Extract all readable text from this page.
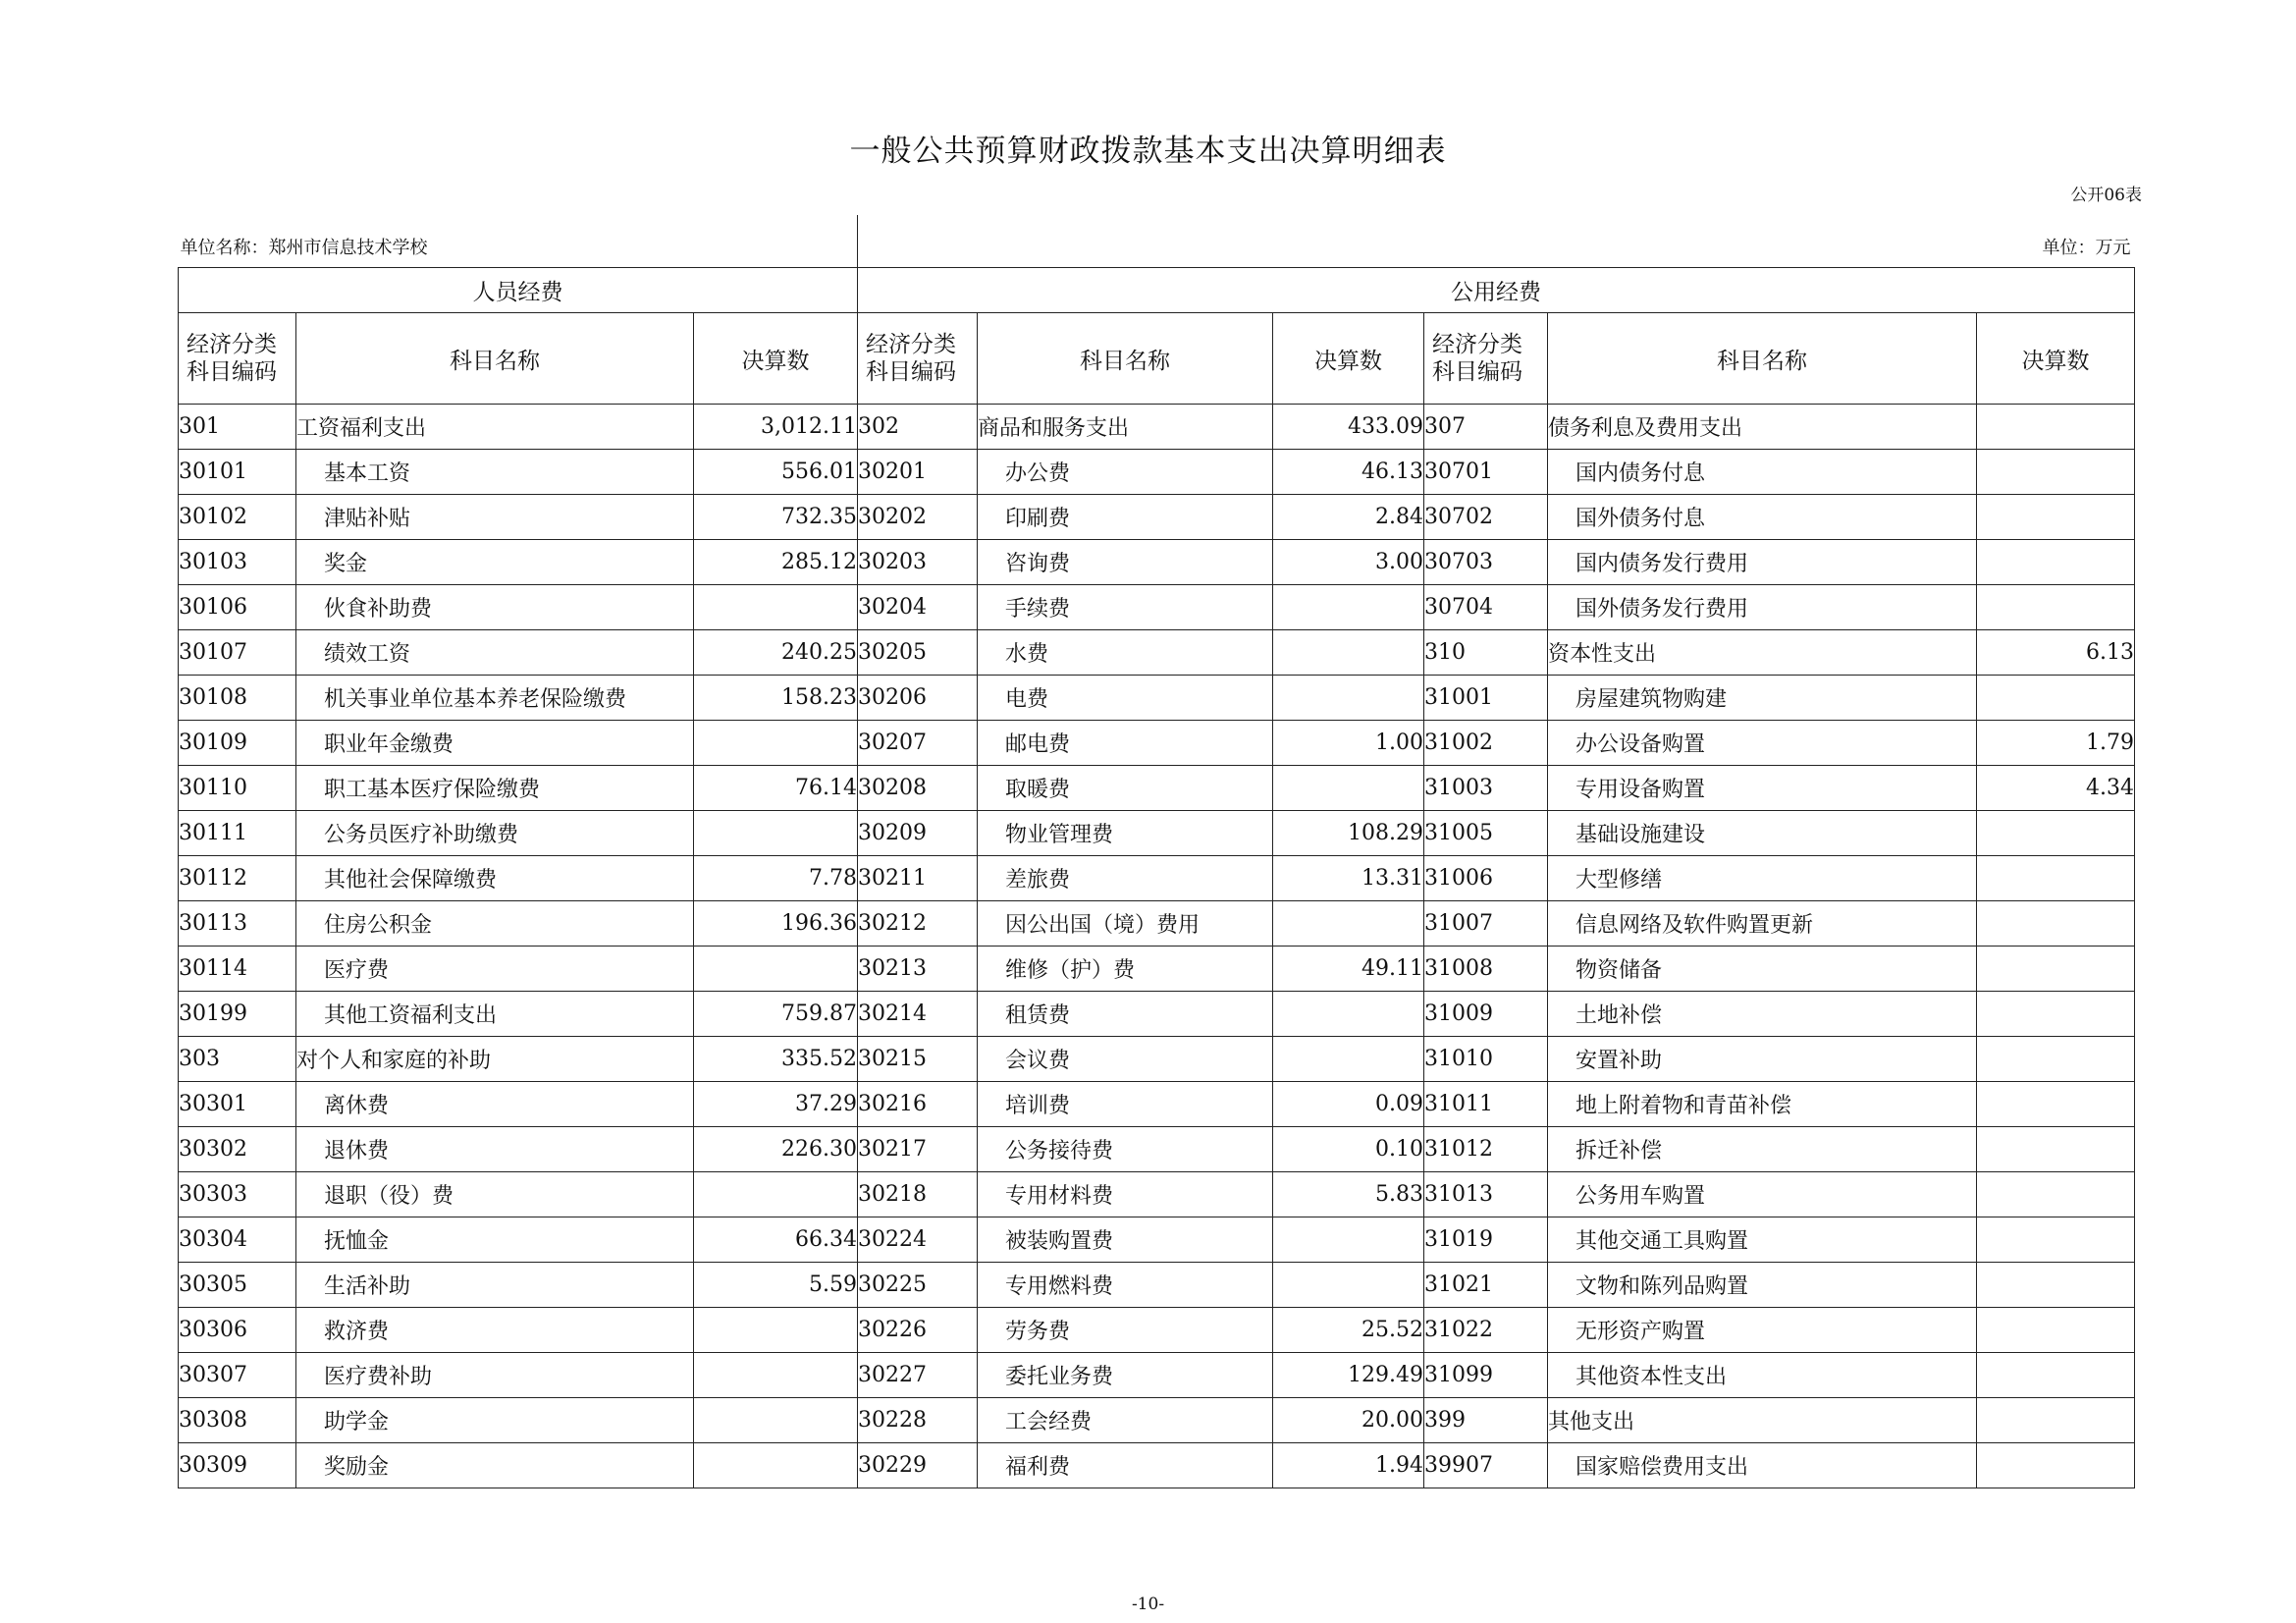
一般公共预算财政拨款基本支出决算明细表
公开06表
单位名称：郑州市信息技术学校			单位：万元					
人员经费			公用经费					
经济分类
科目编码	科目名称	决算数	经济分类
科目编码	科目名称	决算数	经济分类
科目编码	科目名称	决算数
301	工资福利支出	3,012.11	302	商品和服务支出	433.09	307	债务利息及费用支出	
30101	基本工资	556.01	30201	办公费	46.13	30701	国内债务付息	
30102	津贴补贴	732.35	30202	印刷费	2.84	30702	国外债务付息	
30103	奖金	285.12	30203	咨询费	3.00	30703	国内债务发行费用	
30106	伙食补助费		30204	手续费		30704	国外债务发行费用	
30107	绩效工资	240.25	30205	水费		310	资本性支出	6.13
30108	机关事业单位基本养老保险缴费	158.23	30206	电费		31001	房屋建筑物购建	
30109	职业年金缴费		30207	邮电费	1.00	31002	办公设备购置	1.79
30110	职工基本医疗保险缴费	76.14	30208	取暖费		31003	专用设备购置	4.34
30111	公务员医疗补助缴费		30209	物业管理费	108.29	31005	基础设施建设	
30112	其他社会保障缴费	7.78	30211	差旅费	13.31	31006	大型修缮	
30113	住房公积金	196.36	30212	因公出国（境）费用		31007	信息网络及软件购置更新	
30114	医疗费		30213	维修（护）费	49.11	31008	物资储备	
30199	其他工资福利支出	759.87	30214	租赁费		31009	土地补偿	
303	对个人和家庭的补助	335.52	30215	会议费		31010	安置补助	
30301	离休费	37.29	30216	培训费	0.09	31011	地上附着物和青苗补偿	
30302	退休费	226.30	30217	公务接待费	0.10	31012	拆迁补偿	
30303	退职（役）费		30218	专用材料费	5.83	31013	公务用车购置	
30304	抚恤金	66.34	30224	被装购置费		31019	其他交通工具购置	
30305	生活补助	5.59	30225	专用燃料费		31021	文物和陈列品购置	
30306	救济费		30226	劳务费	25.52	31022	无形资产购置	
30307	医疗费补助		30227	委托业务费	129.49	31099	其他资本性支出	
30308	助学金		30228	工会经费	20.00	399	其他支出	
30309	奖励金		30229	福利费	1.94	39907	国家赔偿费用支出	
-10-
